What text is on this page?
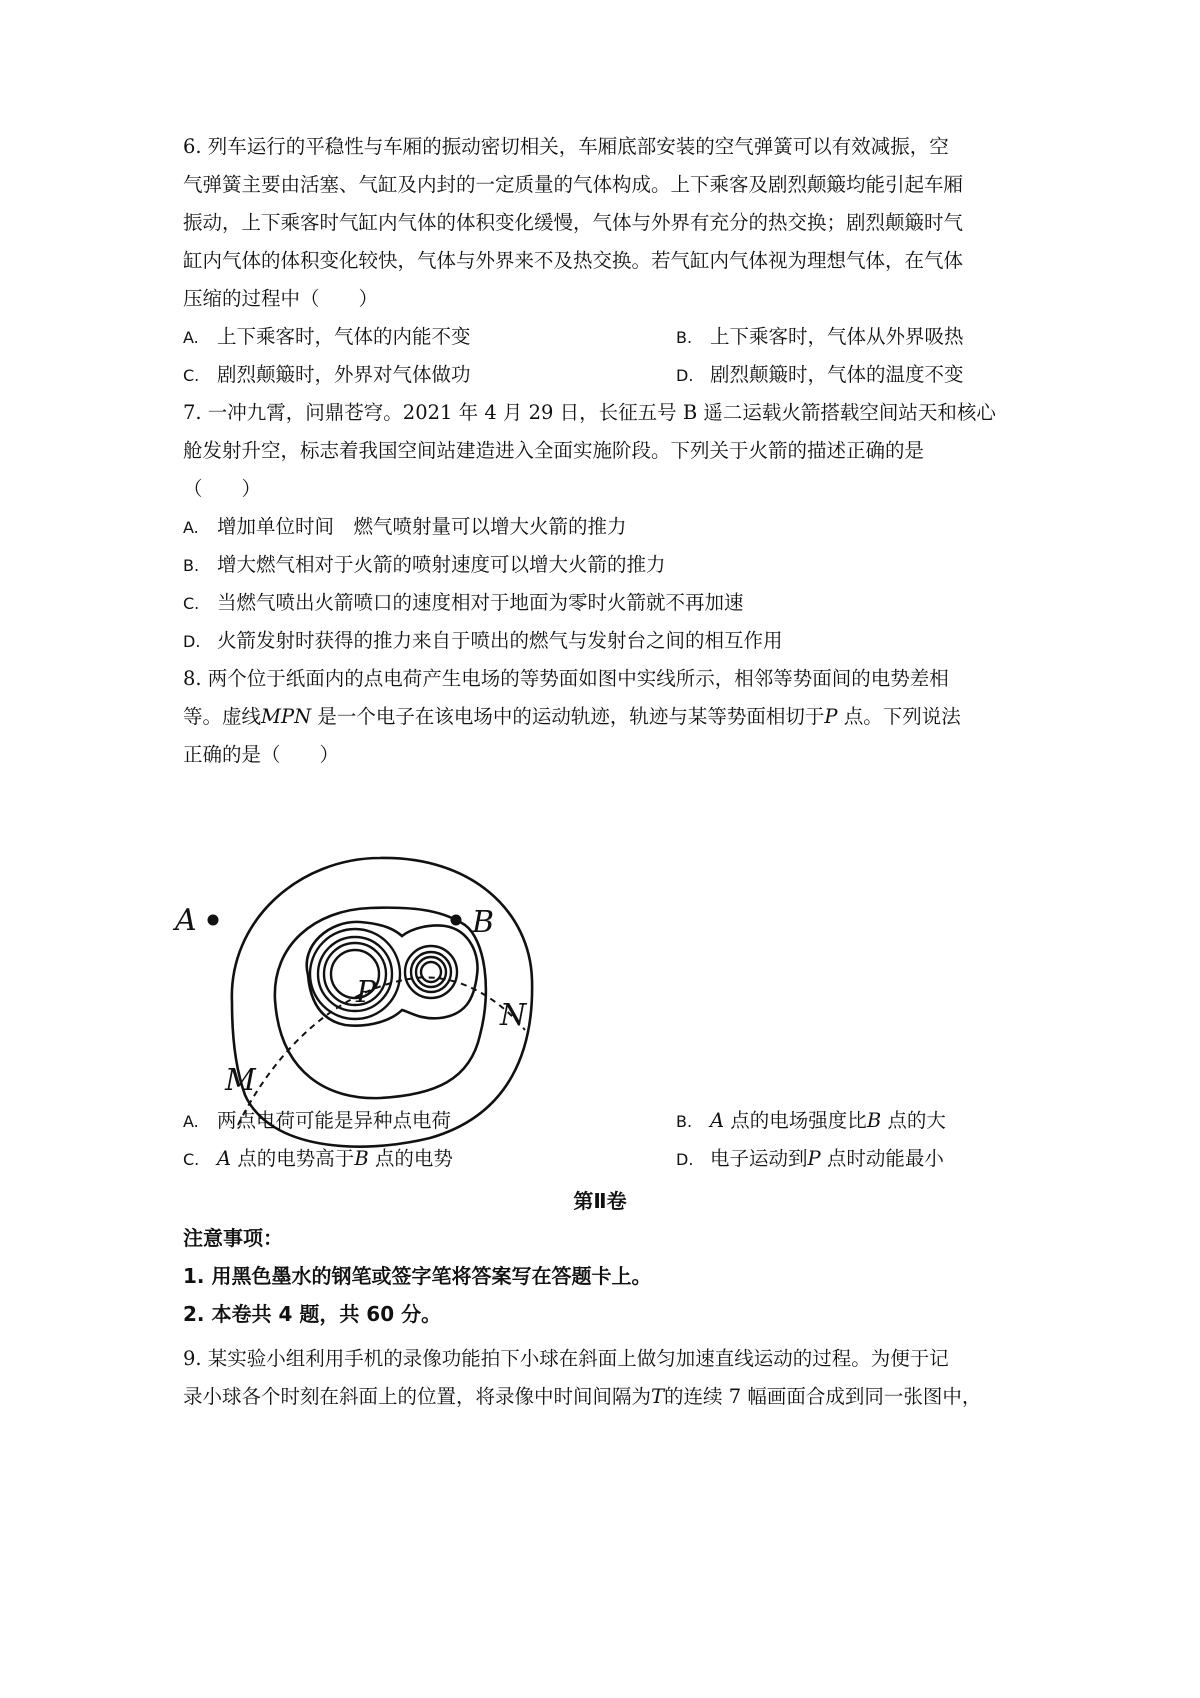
6. 列车运行的平稳性与车厢的振动密切相关，车厢底部安装的空气弹簧可以有效减振，空
气弹簧主要由活塞、气缸及内封的一定质量的气体构成。上下乘客及剧烈颠簸均能引起车厢
振动，上下乘客时气缸内气体的体积变化缓慢，气体与外界有充分的热交换；剧烈颠簸时气
缸内气体的体积变化较快，气体与外界来不及热交换。若气缸内气体视为理想气体，在气体
压缩的过程中（　　）
A. 上下乘客时，气体的内能不变	B. 上下乘客时，气体从外界吸热
C. 剧烈颠簸时，外界对气体做功	D. 剧烈颠簸时，气体的温度不变
7. 一冲九霄，问鼎苍穹。2021 年 4 月 29 日，长征五号 B 遥二运载火箭搭载空间站天和核心
舱发射升空，标志着我国空间站建造进入全面实施阶段。下列关于火箭的描述正确的是
（　　）
A. 增加单位时间　燃气喷射量可以增大火箭的推力
B. 增大燃气相对于火箭的喷射速度可以增大火箭的推力
C. 当燃气喷出火箭喷口的速度相对于地面为零时火箭就不再加速
D. 火箭发射时获得的推力来自于喷出的燃气与发射台之间的相互作用
8. 两个位于纸面内的点电荷产生电场的等势面如图中实线所示，相邻等势面间的电势差相
等。虚线MPN 是一个电子在该电场中的运动轨迹，轨迹与某等势面相切于P 点。下列说法
正确的是（　　）
A	B
P
N
M
A. 两点电荷可能是异种点电荷	B. A 点的电场强度比B 点的大
C. A 点的电势高于B 点的电势	D. 电子运动到P 点时动能最小
第Ⅱ卷
注意事项：
1. 用黑色墨水的钢笔或签字笔将答案写在答题卡上。
2. 本卷共 4 题，共 60 分。
9. 某实验小组利用手机的录像功能拍下小球在斜面上做匀加速直线运动的过程。为便于记
录小球各个时刻在斜面上的位置，将录像中时间间隔为T的连续 7 幅画面合成到同一张图中，
